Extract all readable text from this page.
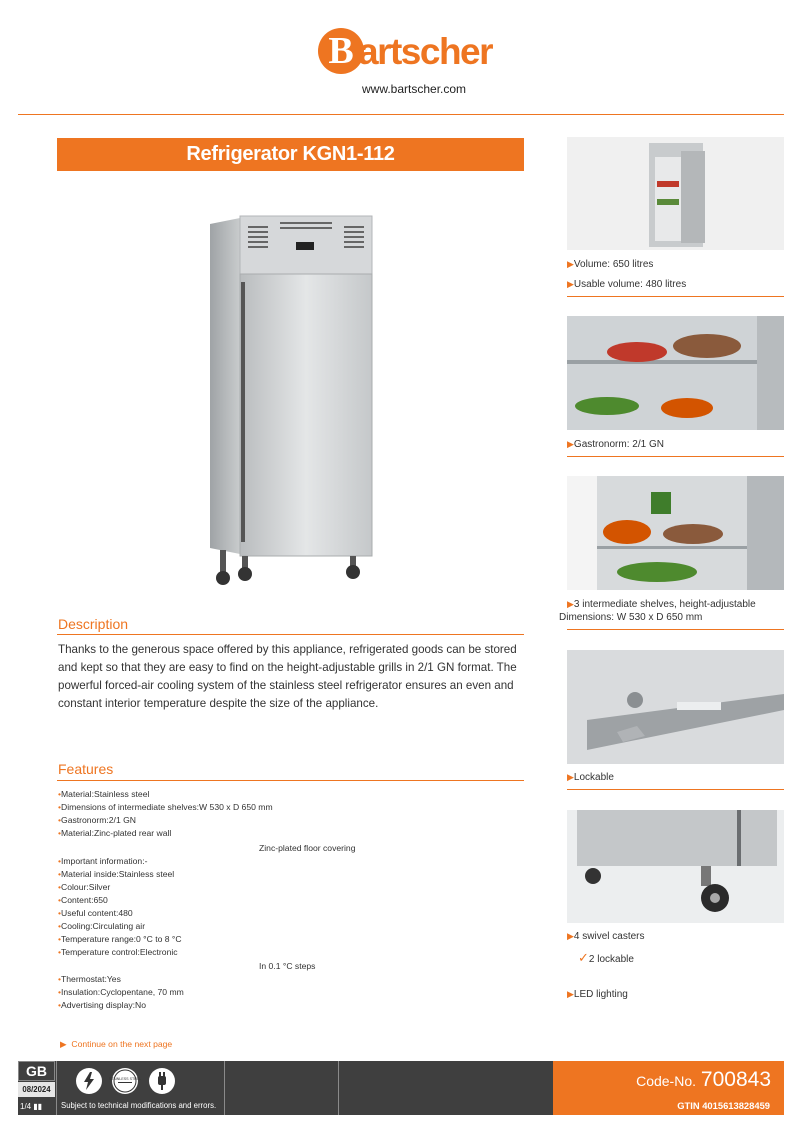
B artscher
www.bartscher.com
Refrigerator KGN1-112
Description
Thanks to the generous space offered by this appliance, refrigerated goods can be stored and kept so that they are easy to find on the height-adjustable grills in 2/1 GN format. The powerful forced-air cooling system of the stainless steel refrigerator ensures an even and constant interior temperature despite the size of the appliance.
Features
•Material:Stainless steel
•Dimensions of intermediate shelves:W 530 x D 650 mm
•Gastronorm:2/1 GN
•Material:Zinc-plated rear wall
Zinc-plated floor covering
•Important information:-
•Material inside:Stainless steel
•Colour:Silver
•Content:650
•Useful content:480
•Cooling:Circulating air
•Temperature range:0 °C to 8 °C
•Temperature control:Electronic
In 0.1 °C steps
•Thermostat:Yes
•Insulation:Cyclopentane, 70 mm
•Advertising display:No
▶ Continue on the next page
▶Volume: 650 litres
▶Usable volume: 480 litres
▶Gastronorm: 2/1 GN
▶3 intermediate shelves, height-adjustable
Dimensions: W 530 x D 650 mm
▶Lockable
▶4 swivel casters
✓2 lockable
▶LED lighting
GB
08/2024
1/4 ▮▮

STAINLESS STEEL

Subject to technical modifications and errors.
Code-No. 700843
GTIN 4015613828459
